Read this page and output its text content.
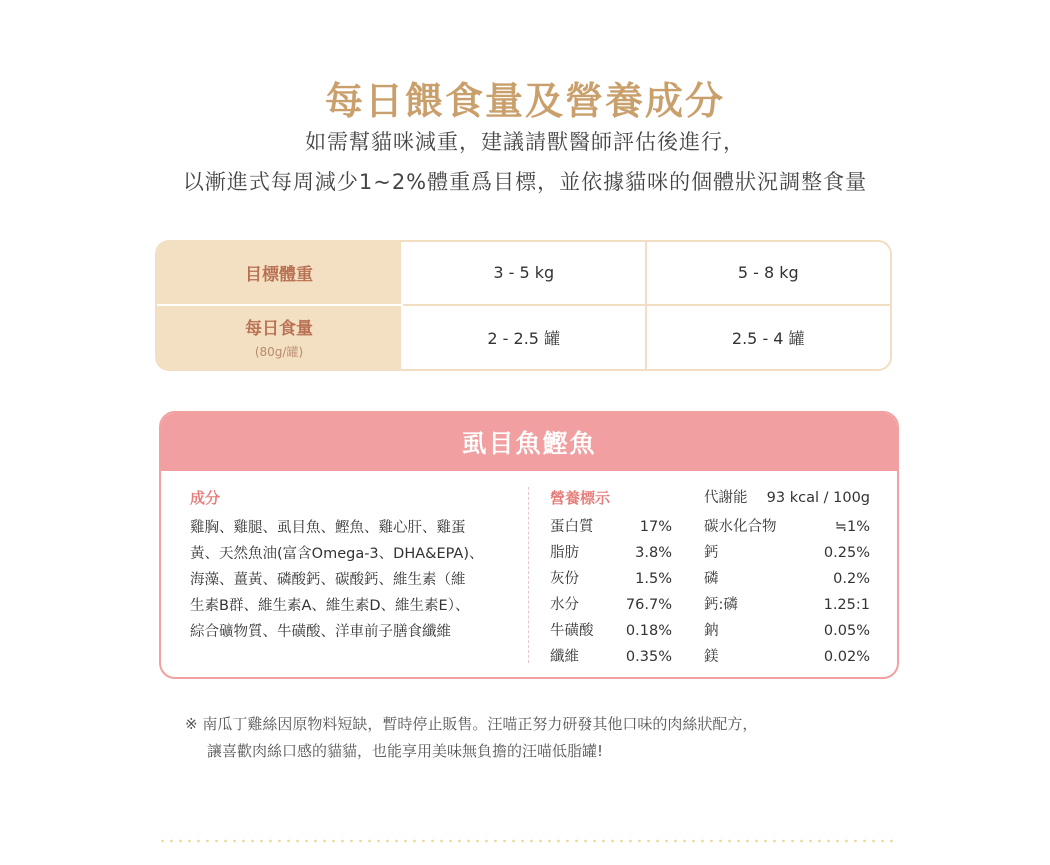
每日餵食量及營養成分
如需幫貓咪減重，建議請獸醫師評估後進行，
以漸進式每周減少1~2%體重爲目標，並依據貓咪的個體狀況調整食量
目標體重	3 - 5 kg	5 - 8 kg
每日食量
(80g/罐)
2 - 2.5 罐	2.5 - 4 罐
虱目魚鰹魚
成分
雞胸、雞腿、虱目魚、鰹魚、雞心肝、雞蛋
黃、天然魚油(富含Omega-3、DHA&EPA)、
海藻、薑黃、磷酸鈣、碳酸鈣、維生素（維
生素B群、維生素A、維生素D、維生素E）、
綜合礦物質、牛磺酸、洋車前子膳食纖維
營養標示
蛋白質	17%
脂肪	3.8%
灰份	1.5%
水分	76.7%
牛磺酸 0.18%
纖維	0.35%
代謝能 93 kcal / 100g
碳水化合物	≒1%
鈣	0.25%
磷	0.2%
鈣:磷	1.25:1
鈉	0.05%
鎂	0.02%
※ 南瓜丁雞絲因原物料短缺，暫時停止販售。汪喵正努力研發其他口味的肉絲狀配方，
讓喜歡肉絲口感的貓貓，也能享用美味無負擔的汪喵低脂罐!
